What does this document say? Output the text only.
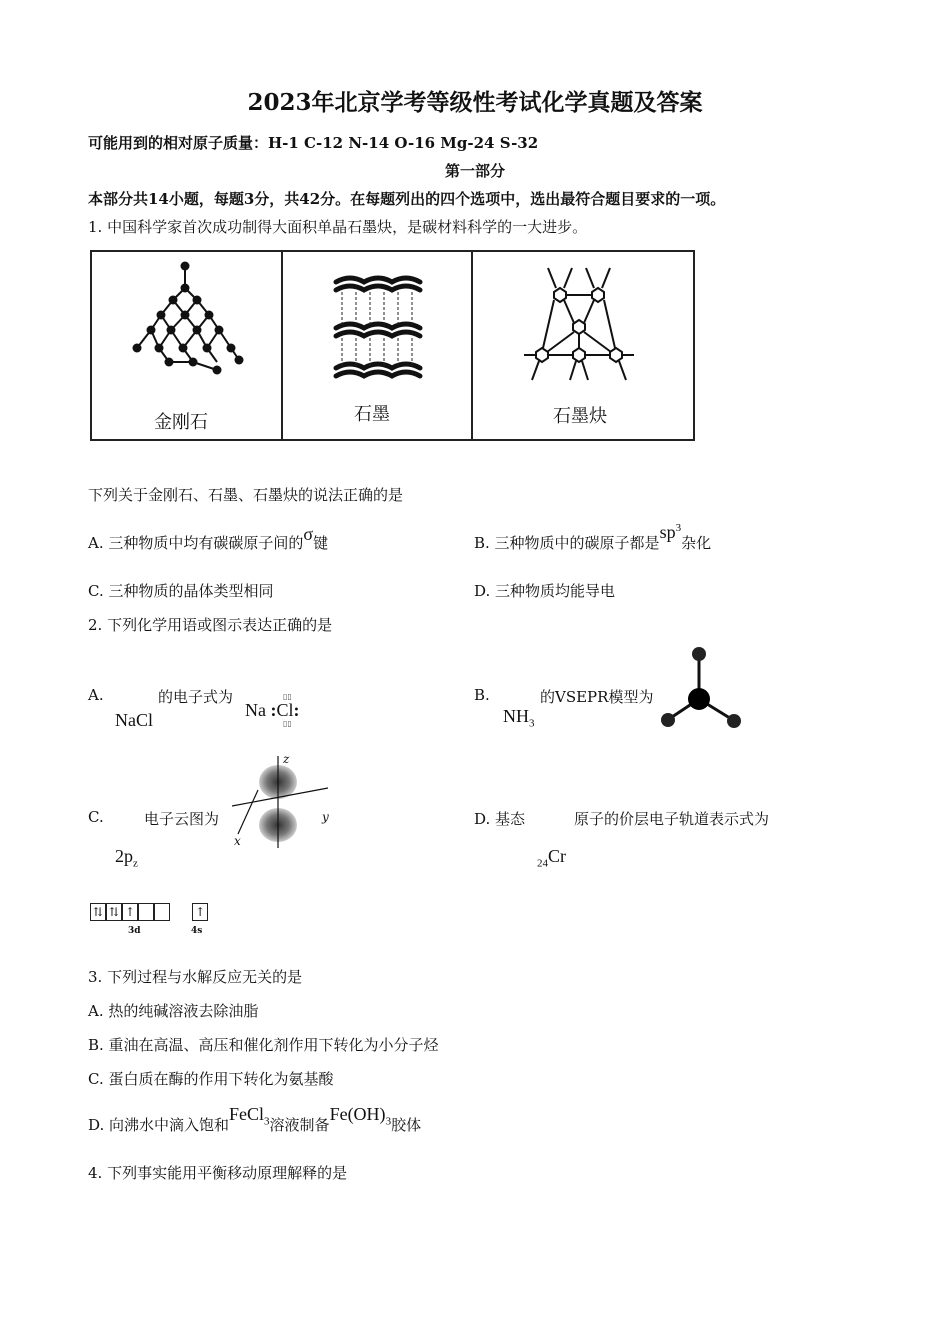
2023年北京学考等级性考试化学真题及答案
可能用到的相对原子质量：H-1 C-12 N-14 O-16 Mg-24 S-32
第一部分
本部分共14小题，每题3分，共42分。在每题列出的四个选项中，选出最符合题目要求的一项。
1. 中国科学家首次成功制得大面积单晶石墨炔，是碳材料科学的一大进步。
金刚石	石墨	石墨炔
下列关于金刚石、石墨、石墨炔的说法正确的是
A. 三种物质中均有碳碳原子间的σ键	B. 三种物质中的碳原子都是$sp^3$杂化
C. 三种物质的晶体类型相同	D. 三种物质均能导电
2. 下列化学用语或图示表达正确的是
A.	的电子式为
NaCl	Na :Cl:
▯▯
▯▯
B.	的VSEPR模型为
$NH_3$
C.	电子云图为
$2p_z$
z
y
x
D. 基态	原子的价层电子轨道表示式为
$_{24}$Cr
⇅ ⇅ ↑	↑
3d	4s
3. 下列过程与水解反应无关的是
A. 热的纯碱溶液去除油脂
B. 重油在高温、高压和催化剂作用下转化为小分子烃
C. 蛋白质在酶的作用下转化为氨基酸
D. 向沸水中滴入饱和FeCl$_3$溶液制备$Fe(OH)_3$胶体
4. 下列事实能用平衡移动原理解释的是
